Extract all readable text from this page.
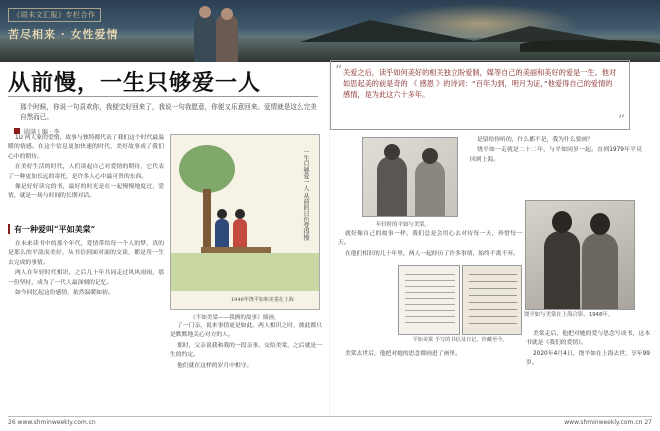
《周末文汇报》专栏合作
苦尽相来 · 女性爱情
从前慢，一生只够爱一人
那个时候，你说一句喜欢你，我便完好回来了，我说一句我愿意，你便又乐意回来。爱情就是这么完美自然而已。
圆满 | 编 · 李
“ 关爱之后，读乎如何美好的相关独立盼爱制，媒等自己的美丽和美好的爱是一生。他对如思起美的前是奇的 《 感恩 》的诗词：“百年为到，明月为证，”他爱得自己的爱情的感情，是为此这六十多年。

”

1U 两人家的爱情，故事与独特都代表了我们这个时代最温暖的情感。在这个信息更加快速的时代，美好故事成了我们心中的期待。

在美好生活的时代，人们谈起自己对爱情的期待，它代表了一种更加长远的寄托，是许多人心中最可贵的东西。

像是好好读完的书，最好的时光是在一起慢慢地度过，爱情，就是一场与时间的长期对话。

有一种爱叫“平如美棠”

在未来读书中的那个年代，爱情带给每一个人的梦，真的是那么的平淡而美好，从书信到面对面的交谈，都是用一生去完成的事情。

两人在年轻时代相识，之后几十年共同走过风风雨雨，那一份坚持，成为了一代人最深刻的记忆。

如今回忆起这份感情，依然温暖如初。

一生只够爱一人 从前的日色变得慢
1948年饶平如和美棠在上海
《平如美棠——我俩的故事》插画。

了一门亲，说来事情更是如此。两人相识之时，彼此都只是默默地关心对方的人。

那时，父亲说我和我的一段亲事，交给美棠，之后就是一生的约定。

他们就在这样的岁月中相守。

年轻时的平如与美棠。

就好像自己的故事一样，我们总是会用心去对待每一天，珍惜每一天。

在他们相识的几十年里，两人一起经历了许多事情，始终不离不弃。

平如美棠 手写的书信及日记，珍藏至今。

美棠去世后，他把对她的思念都画进了画里。

是留给你听的，什么都不是，我为什么要画？

饶平如一走就是二十二年，与平如同岁一起。直到1979年平反回到上海。

饶平如与美棠在上海合影，1948年。

美棠走后，他把对她的爱与思念写成书，这本书就是《我们的爱情》。

2020年4月4日，饶平如在上海去世，享年99岁。

26 www.shminweekly.com.cn	www.shminweekly.com.cn 27
